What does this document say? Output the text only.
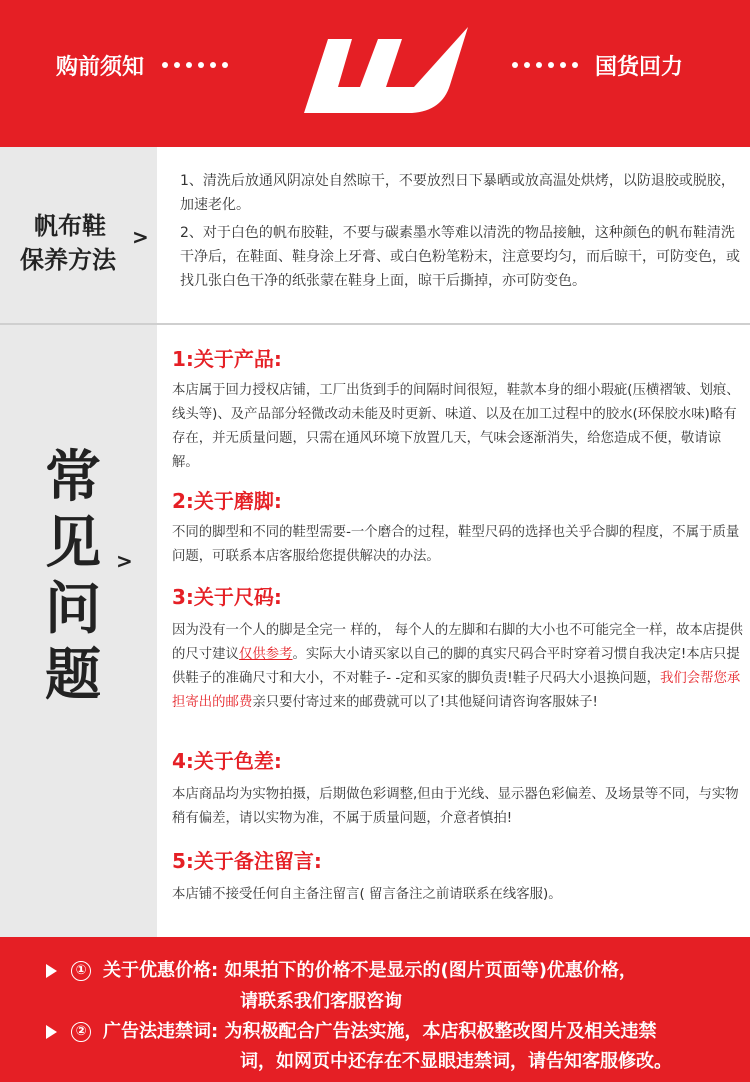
购前须知
1927 回力
国货回力
帆布鞋
保养方法
>

1、清洗后放通风阴凉处自然晾干，不要放烈日下暴晒或放高温处烘烤，以防退胶或脱胶，加速老化。

2、对于白色的帆布胶鞋，不要与碳素墨水等难以清洗的物品接触，这种颜色的帆布鞋清洗干净后，在鞋面、鞋身涂上牙膏、或白色粉笔粉末，注意要均匀，而后晾干，可防变色，或找几张白色干净的纸张蒙在鞋身上面，晾干后撕掉，亦可防变色。

常
见
问
题
>
1:关于产品:
本店属于回力授权店铺，工厂出货到手的间隔时间很短，鞋款本身的细小瑕疵(压横褶皱、划痕、线头等)、及产品部分轻微改动未能及时更新、味道、以及在加工过程中的胶水(环保胶水味)略有存在，并无质量问题，只需在通风环境下放置几天，气味会逐渐消失，给您造成不便，敬请谅解。
2:关于磨脚:
不同的脚型和不同的鞋型需要-一个磨合的过程，鞋型尺码的选择也关乎合脚的程度，不属于质量问题，可联系本店客服给您提供解决的办法。
3:关于尺码:
因为没有一个人的脚是全完一 样的， 每个人的左脚和右脚的大小也不可能完全一样，故本店提供的尺寸建议仅供参考。实际大小请买家以自己的脚的真实尺码合平时穿着习惯自我决定!本店只提供鞋子的准确尺寸和大小，不对鞋子- -定和买家的脚负责!鞋子尺码大小退换问题，我们会帮您承担寄出的邮费亲只要付寄过来的邮费就可以了!其他疑问请咨询客服妹子!
4:关于色差:
本店商品均为实物拍摄，后期做色彩调整,但由于光线、显示器色彩偏差、及场景等不同，与实物稍有偏差，请以实物为准，不属于质量问题，介意者慎拍!
5:关于备注留言:
本店铺不接受任何自主备注留言( 留言备注之前请联系在线客服)。
① 关于优惠价格: 如果拍下的价格不是显示的(图片页面等)优惠价格，
请联系我们客服咨询
② 广告法违禁词: 为积极配合广告法实施，本店积极整改图片及相关违禁
词，如网页中还存在不显眼违禁词，请告知客服修改。
